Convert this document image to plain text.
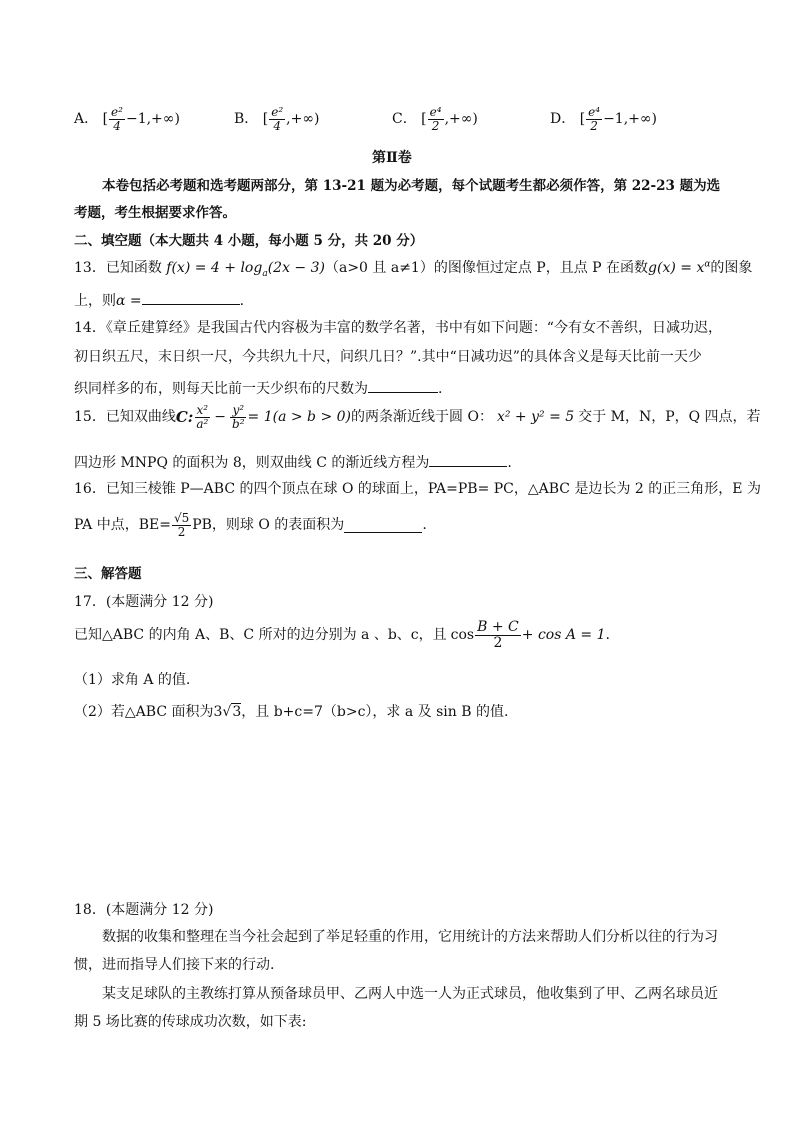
A． [ $\frac{\text{e²}}{4} -1,+\infty$)	B． [ $\frac{\text{e²}}{4}$ ,+∞)	C． [ $\frac{\text{e⁴}}{2}$ ,+∞)	D． [ $\frac{\text{e⁴}}{2} -1,+\infty$)
第Ⅱ卷
本卷包括必考题和选考题两部分，第 13-21 题为必考题，每个试题考生都必须作答，第 22-23 题为选
考题，考生根据要求作答。
二、填空题（本大题共 4 小题，每小题 5 分，共 20 分）
13．已知函数 $f(x) = 4 + \log_a(2x - 3)(a>0$ 且 a≠1）的图像恒过定点 P，且点 P 在函数$g(x) = x^\alpha$的图象
上，则α =	.
14．《章丘建算经》是我国古代内容极为丰富的数学名著，书中有如下问题：“今有女不善织，日减功迟，
初日织五尺，末日织一尺，今共织九十尺，问织几日？”.其中“日减功迟”的具体含义是每天比前一天少
织同样多的布，则每天比前一天少织布的尺数为	.
15．已知双曲线 C: $\frac{\text{x²}}{\text{a²}} - \frac{\text{y²}}{\text{b²}} = 1(a > b > 0)$ 的两条渐近线于圆 O： x² + y² = 5 交于 M，N，P，Q 四点，若
四边形 MNPQ 的面积为 8，则双曲线 C 的渐近线方程为	.
16．已知三棱锥 P—ABC 的四个顶点在球 O 的球面上，PA=PB= PC，△ABC 是边长为 2 的正三角形，E 为
PA 中点，$BE= \frac{√5}{2}$ PB，则球 O 的表面积为	.
三、解答题
17．(本题满分 12 分)
已知△ABC 的内角 A、B、C 所对的边分别为 a 、b、c，且 $\cos \frac{B + C}{2} + \cos A = 1$ .
（1）求角 A 的值.
（2）若△ABC 面积为3√3，且 b+c=7（b>c），求 a 及 sin B 的值.
18．(本题满分 12 分)
数据的收集和整理在当今社会起到了举足轻重的作用，它用统计的方法来帮助人们分析以往的行为习
惯，进而指导人们接下来的行动.
某支足球队的主教练打算从预备球员甲、乙两人中选一人为正式球员，他收集到了甲、乙两名球员近
期 5 场比赛的传球成功次数，如下表:
